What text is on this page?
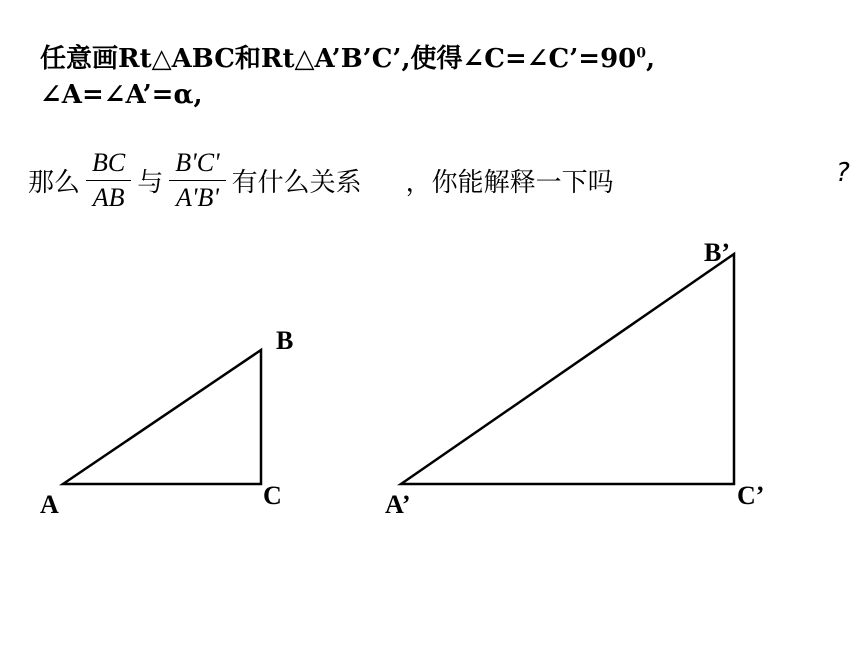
任意画Rt△ABC和Rt△A’B’C’,使得$\angle C=\angle C’=90^0$,
∠A=∠A’=α,
那么 $\frac{BC}{AB}$ 与 $\frac{B'C'}{A'B'}$ 有什么关系 ，你能解释一下吗	?
A
B
C	A’
B’
C’
